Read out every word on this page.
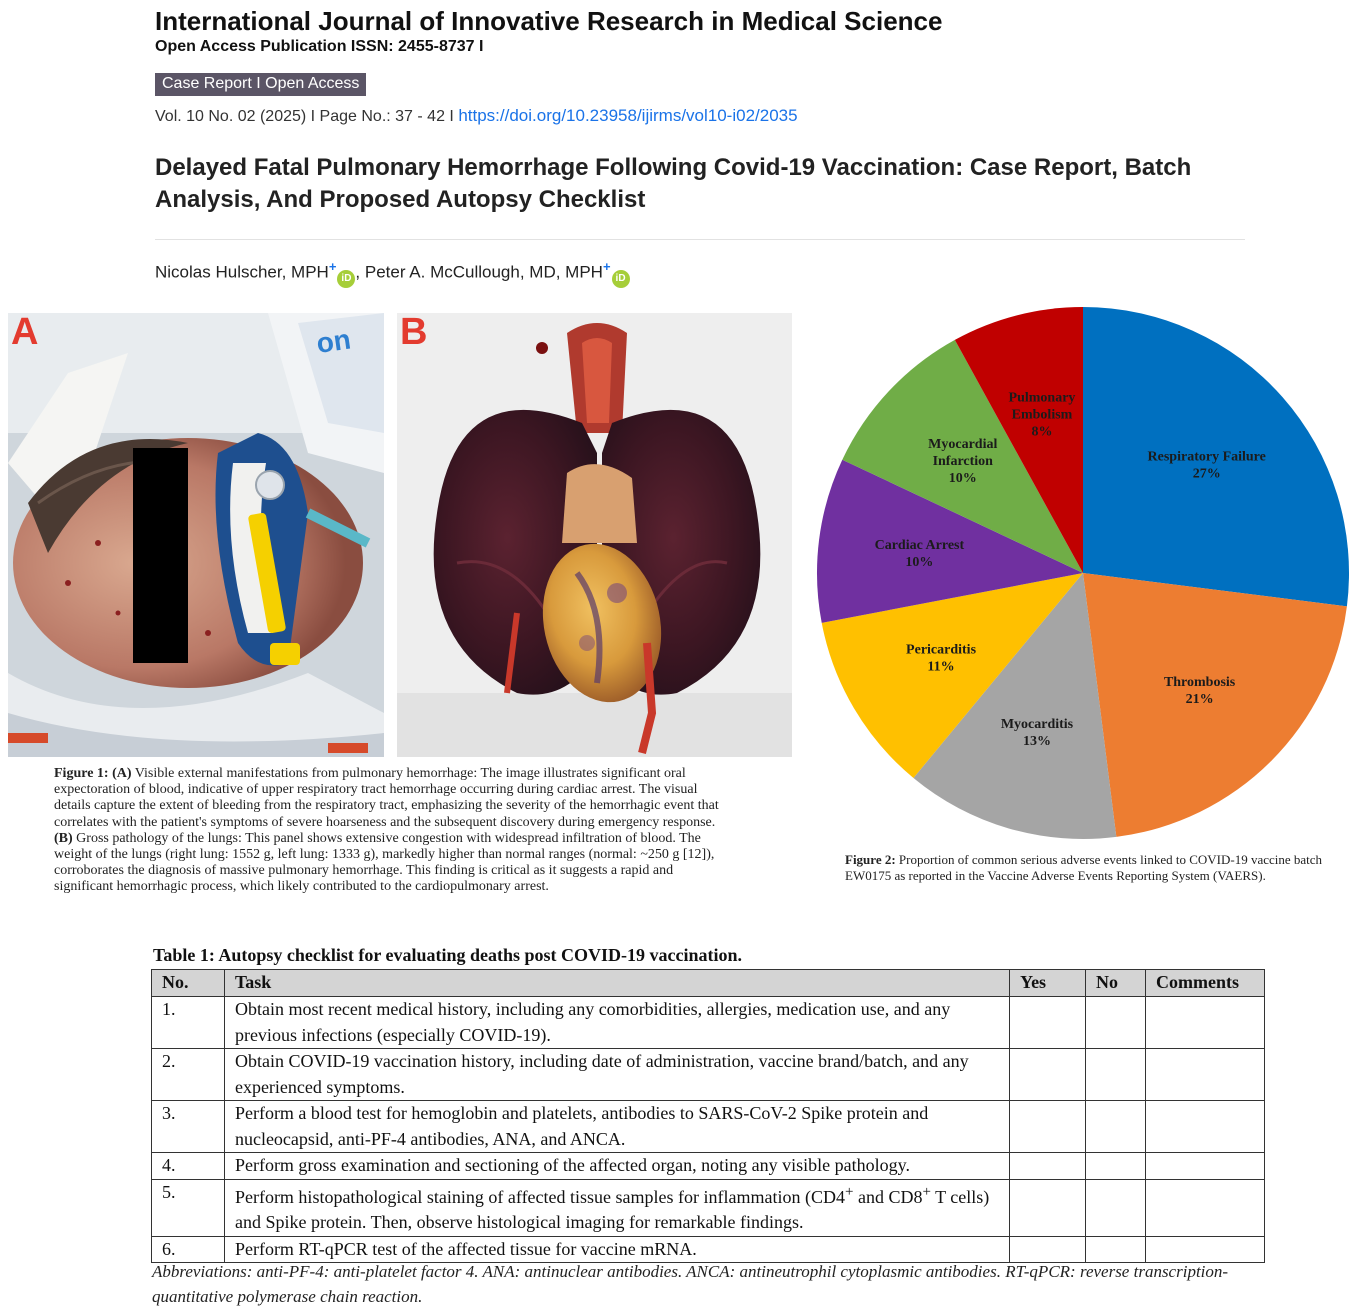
International Journal of Innovative Research in Medical Science
Open Access Publication ISSN: 2455-8737 I
Case Report I Open Access
Vol. 10 No. 02 (2025) I Page No.: 37 - 42 I https://doi.org/10.23958/ijirms/vol10-i02/2035
Delayed Fatal Pulmonary Hemorrhage Following Covid-19 Vaccination: Case Report, Batch Analysis, And Proposed Autopsy Checklist
Nicolas Hulscher, MPH+iD , Peter A. McCullough, MD, MPH+iD
on
A	B
Figure 1: (A) Visible external manifestations from pulmonary hemorrhage: The image illustrates significant oral expectoration of blood, indicative of upper respiratory tract hemorrhage occurring during cardiac arrest. The visual details capture the extent of bleeding from the respiratory tract, emphasizing the severity of the hemorrhagic event that correlates with the patient's symptoms of severe hoarseness and the subsequent discovery during emergency response. (B) Gross pathology of the lungs: This panel shows extensive congestion with widespread infiltration of blood. The weight of the lungs (right lung: 1552 g, left lung: 1333 g), markedly higher than normal ranges (normal: ~250 g [12]), corroborates the diagnosis of massive pulmonary hemorrhage. This finding is critical as it suggests a rapid and significant hemorrhagic process, which likely contributed to the cardiopulmonary arrest.
Respiratory Failure 27%
Thrombosis 21%
Myocarditis 13%
Pericarditis 11%
Cardiac Arrest 10%
Myocardial Infarction 10%
Pulmonary Embolism 8%
Figure 2: Proportion of common serious adverse events linked to COVID-19 vaccine batch EW0175 as reported in the Vaccine Adverse Events Reporting System (VAERS).
Table 1: Autopsy checklist for evaluating deaths post COVID-19 vaccination.
No.	Task	Yes	No	Comments
1.	Obtain most recent medical history, including any comorbidities, allergies, medication use, and any previous infections (especially COVID-19).			
2.	Obtain COVID-19 vaccination history, including date of administration, vaccine brand/batch, and any experienced symptoms.			
3.	Perform a blood test for hemoglobin and platelets, antibodies to SARS-CoV-2 Spike protein and nucleocapsid, anti-PF-4 antibodies, ANA, and ANCA.			
4.	Perform gross examination and sectioning of the affected organ, noting any visible pathology.			
5.	Perform histopathological staining of affected tissue samples for inflammation (CD4+ and CD8+ T cells) and Spike protein. Then, observe histological imaging for remarkable findings.			
6.	Perform RT-qPCR test of the affected tissue for vaccine mRNA.			
Abbreviations: anti-PF-4: anti-platelet factor 4. ANA: antinuclear antibodies. ANCA: antineutrophil cytoplasmic antibodies. RT-qPCR: reverse transcription-quantitative polymerase chain reaction.
